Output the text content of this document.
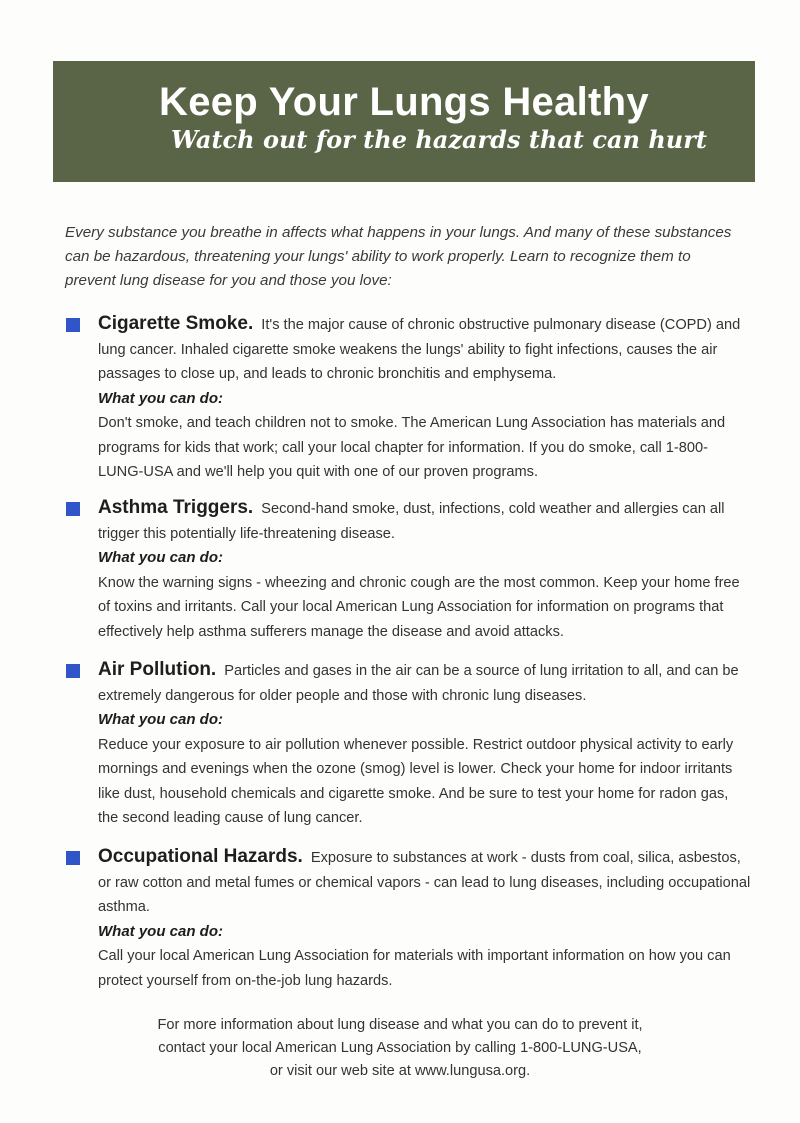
Keep Your Lungs Healthy
Watch out for the hazards that can hurt
Every substance you breathe in affects what happens in your lungs. And many of these substances can be hazardous, threatening your lungs' ability to work properly. Learn to recognize them to prevent lung disease for you and those you love:
Cigarette Smoke. It's the major cause of chronic obstructive pulmonary disease (COPD) and lung cancer. Inhaled cigarette smoke weakens the lungs' ability to fight infections, causes the air passages to close up, and leads to chronic bronchitis and emphysema.
What you can do:
Don't smoke, and teach children not to smoke. The American Lung Association has materials and programs for kids that work; call your local chapter for information. If you do smoke, call 1-800-LUNG-USA and we'll help you quit with one of our proven programs.
Asthma Triggers. Second-hand smoke, dust, infections, cold weather and allergies can all trigger this potentially life-threatening disease.
What you can do:
Know the warning signs - wheezing and chronic cough are the most common. Keep your home free of toxins and irritants. Call your local American Lung Association for information on programs that effectively help asthma sufferers manage the disease and avoid attacks.
Air Pollution. Particles and gases in the air can be a source of lung irritation to all, and can be extremely dangerous for older people and those with chronic lung diseases.
What you can do:
Reduce your exposure to air pollution whenever possible. Restrict outdoor physical activity to early mornings and evenings when the ozone (smog) level is lower. Check your home for indoor irritants like dust, household chemicals and cigarette smoke. And be sure to test your home for radon gas, the second leading cause of lung cancer.
Occupational Hazards. Exposure to substances at work - dusts from coal, silica, asbestos, or raw cotton and metal fumes or chemical vapors - can lead to lung diseases, including occupational asthma.
What you can do:
Call your local American Lung Association for materials with important information on how you can protect yourself from on-the-job lung hazards.
For more information about lung disease and what you can do to prevent it,
contact your local American Lung Association by calling 1-800-LUNG-USA,
or visit our web site at www.lungusa.org.
